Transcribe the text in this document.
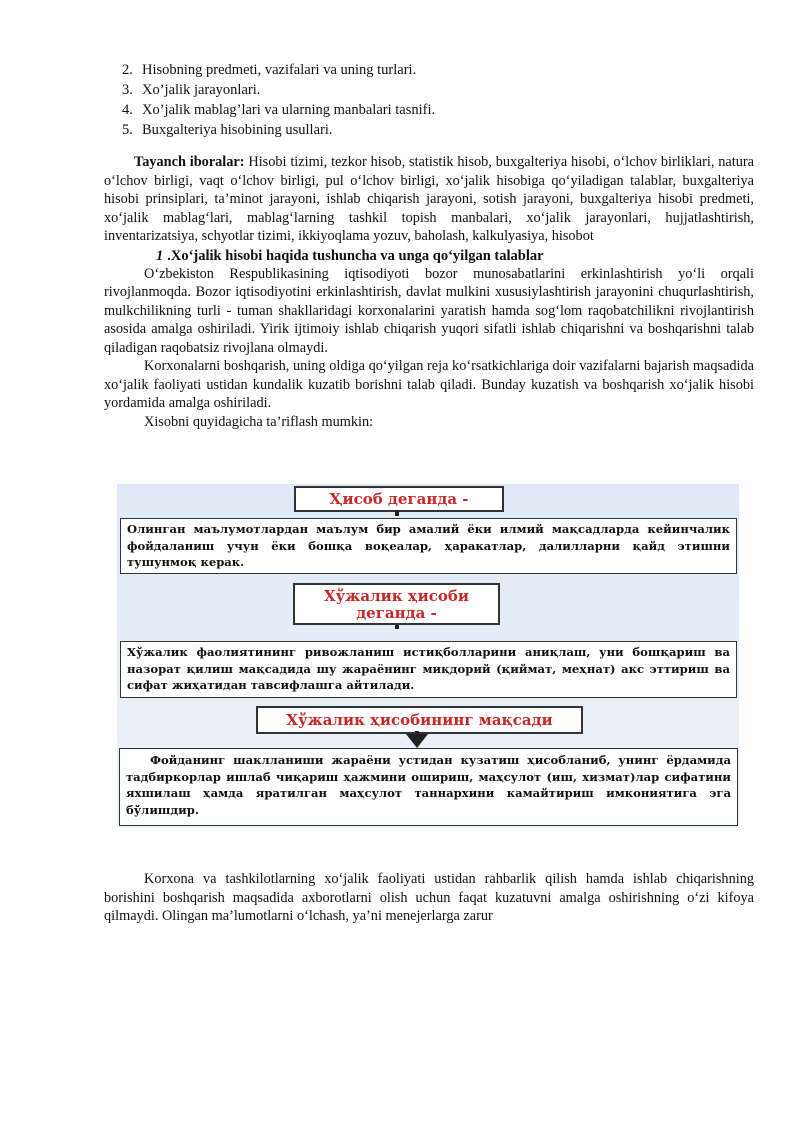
2. Hisobning predmeti, vazifalari va uning turlari.
3. Xo’jalik jarayonlari.
4. Xo’jalik mablag’lari va ularning manbalari tasnifi.
5. Buxgalteriya hisobining usullari.

Tayanch iboralar: Hisobi tizimi, tezkor hisob, statistik hisob, buxgalteriya hisobi, o‘lchov birliklari, natura o‘lchov birligi, vaqt o‘lchov birligi, pul o‘lchov birligi, xo‘jalik hisobiga qo‘yiladigan talablar, buxgalteriya hisobi prinsiplari, ta’minot jarayoni, ishlab chiqarish jarayoni, sotish jarayoni, buxgalteriya hisobi predmeti, xo‘jalik mablag‘lari, mablag‘larning tashkil topish manbalari, xo‘jalik jarayonlari, hujjatlashtirish, inventarizatsiya, schyotlar tizimi, ikkiyoqlama yozuv, baholash, kalkulyasiya, hisobot

1 .Xo‘jalik hisobi haqida tushuncha va unga qo‘yilgan talablar

O‘zbekiston Respublikasining iqtisodiyoti bozor munosabatlarini erkinlashtirish yo‘li orqali rivojlanmoqda. Bozor iqtisodiyotini erkinlashtirish, davlat mulkini xususiylashtirish jarayonini chuqurlashtirish, mulkchilikning turli - tuman shakllaridagi korxonalarini yaratish hamda sog‘lom raqobatchilikni rivojlantirish asosida amalga oshiriladi. Yirik ijtimoiy ishlab chiqarish yuqori sifatli ishlab chiqarishni va boshqarishni talab qiladigan raqobatsiz rivojlana olmaydi.

Korxonalarni boshqarish, uning oldiga qo‘yilgan reja ko‘rsatkichlariga doir vazifalarni bajarish maqsadida xo‘jalik faoliyati ustidan kundalik kuzatib borishni talab qiladi. Bunday kuzatish va boshqarish xo‘jalik hisobi yordamida amalga oshiriladi.

Xisobni quyidagicha ta’riflash mumkin:

Ҳисоб деганда -
Олинган маълумотлардан маълум бир амалий ёки илмий мақсадларда кейинчалик фойдаланиш учун ёки бошқа воқеалар, ҳаракатлар, далилларни қайд этишни тушунмоқ керак.
Хўжалик ҳисоби
деганда -
Хўжалик фаолиятининг ривожланиш истиқболларини аниқлаш, уни бошқариш ва назорат қилиш мақсадида шу жараёнинг миқдорий (қиймат, меҳнат) акс эттириш ва сифат жиҳатидан тавсифлашга айтилади.
Хўжалик ҳисобининг мақсади
Фойданинг шаклланиши жараёни устидан кузатиш ҳисобланиб, унинг ёрдамида тадбиркорлар ишлаб чиқариш ҳажмини ошириш, маҳсулот (иш, хизмат)лар сифатини яхшилаш ҳамда яратилган маҳсулот таннархини камайтириш имкониятига эга бўлишдир.

Korxona va tashkilotlarning xo‘jalik faoliyati ustidan rahbarlik qilish hamda ishlab chiqarishning borishini boshqarish maqsadida axborotlarni olish uchun faqat kuzatuvni amalga oshirishning o‘zi kifoya qilmaydi. Olingan ma’lumotlarni o‘lchash, ya’ni menejerlarga zarur
